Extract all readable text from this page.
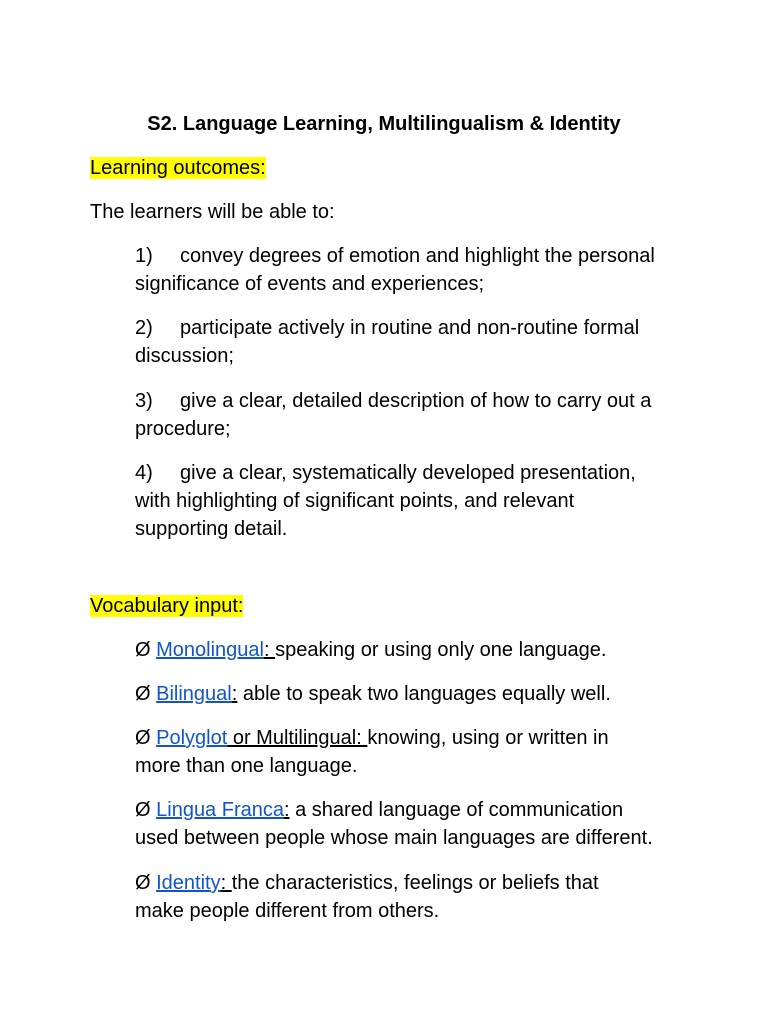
S2. Language Learning, Multilingualism & Identity
Learning outcomes:
The learners will be able to:
1) convey degrees of emotion and highlight the personal
significance of events and experiences;
2) participate actively in routine and non-routine formal
discussion;
3) give a clear, detailed description of how to carry out a
procedure;
4) give a clear, systematically developed presentation,
with highlighting of significant points, and relevant
supporting detail.
Vocabulary input:
Ø Monolingual: speaking or using only one language.
Ø Bilingual: able to speak two languages equally well.
Ø Polyglot or Multilingual: knowing, using or written in
more than one language.
Ø Lingua Franca: a shared language of communication
used between people whose main languages are different.
Ø Identity: the characteristics, feelings or beliefs that
make people different from others.
